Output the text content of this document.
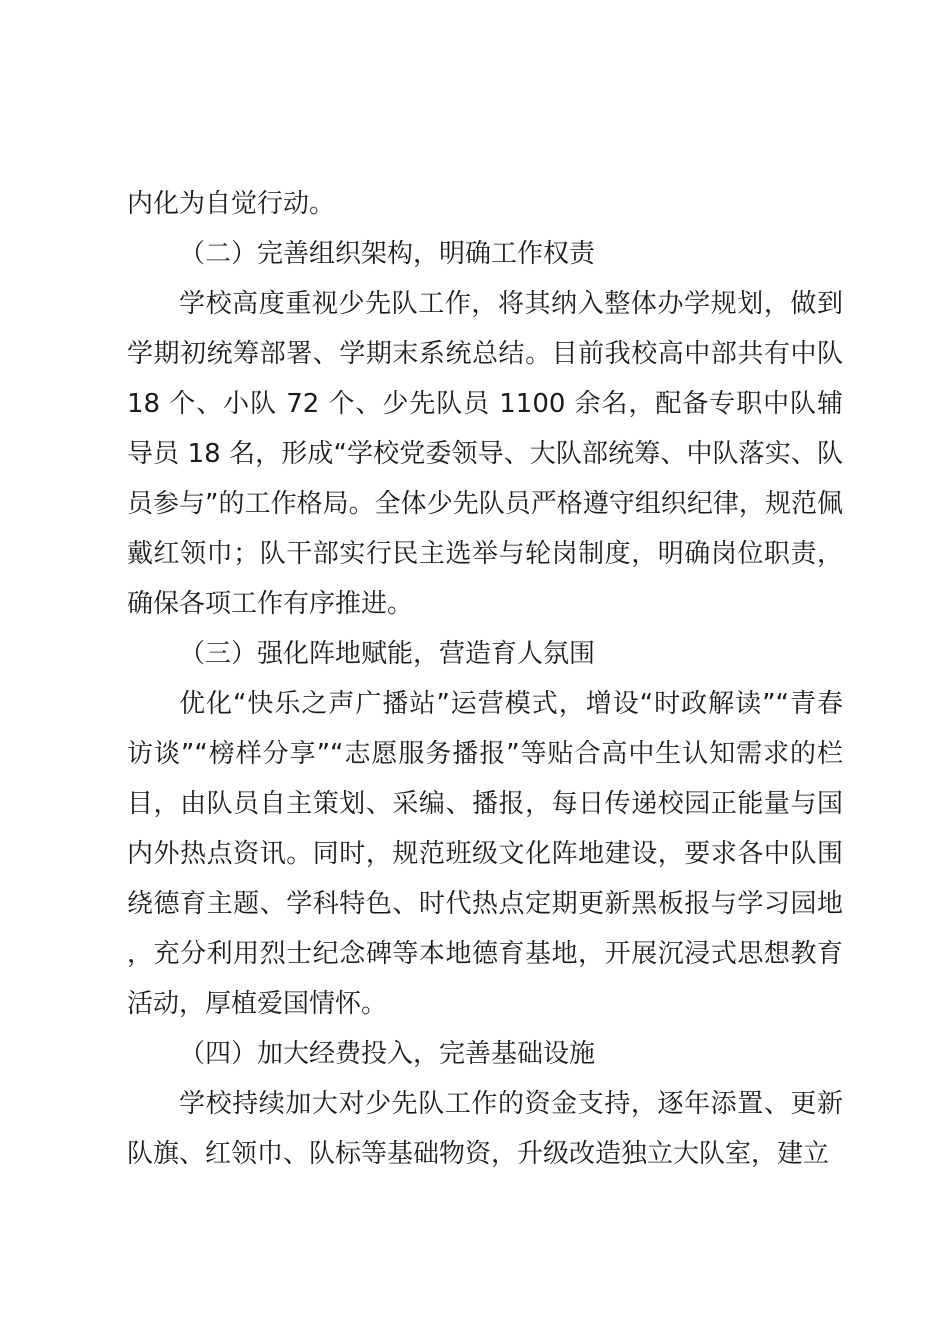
内化为自觉行动。

（二）完善组织架构，明确工作权责

学校高度重视少先队工作，将其纳入整体办学规划，做到学期初统筹部署、学期末系统总结。目前我校高中部共有中队 18 个、小队 72 个、少先队员 1100 余名，配备专职中队辅导员 18 名，形成“学校党委领导、大队部统筹、中队落实、队员参与”的工作格局。全体少先队员严格遵守组织纪律，规范佩戴红领巾；队干部实行民主选举与轮岗制度，明确岗位职责，确保各项工作有序推进。

（三）强化阵地赋能，营造育人氛围

优化“快乐之声广播站”运营模式，增设“时政解读”“青春访谈”“榜样分享”“志愿服务播报”等贴合高中生认知需求的栏目，由队员自主策划、采编、播报，每日传递校园正能量与国内外热点资讯。同时，规范班级文化阵地建设，要求各中队围绕德育主题、学科特色、时代热点定期更新黑板报与学习园地，充分利用烈士纪念碑等本地德育基地，开展沉浸式思想教育活动，厚植爱国情怀。

（四）加大经费投入，完善基础设施

学校持续加大对少先队工作的资金支持，逐年添置、更新队旗、红领巾、队标等基础物资，升级改造独立大队室，建立
